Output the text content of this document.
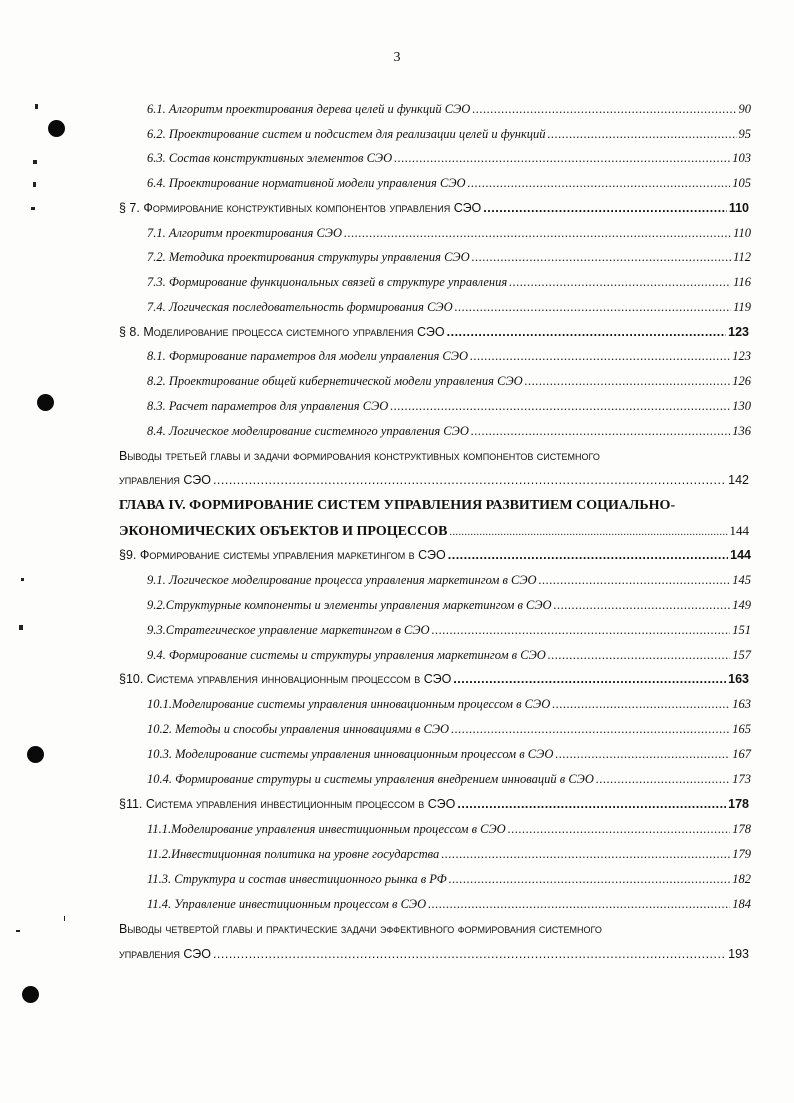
3
6.1. Алгоритм проектирования дерева целей и функций СЭО .....	90
6.2. Проектирование систем и подсистем для реализации целей и функций .....	95
6.3. Состав конструктивных элементов СЭО .....	103
6.4. Проектирование нормативной модели управления СЭО .....	105
§ 7. Формирование конструктивных компонентов управления СЭО .....	110
7.1. Алгоритм проектирования СЭО .....	110
7.2. Методика проектирования структуры управления СЭО .....	112
7.3. Формирование функциональных связей в структуре управления .....	116
7.4. Логическая последовательность формирования СЭО .....	119
§ 8. Моделирование процесса системного управления СЭО .....	123
8.1. Формирование параметров для модели управления СЭО .....	123
8.2. Проектирование общей кибернетической модели управления СЭО .....	126
8.3. Расчет параметров для управления СЭО .....	130
8.4. Логическое моделирование системного управления СЭО .....	136
Выводы третьей главы и задачи формирования конструктивных компонентов системного
управления СЭО .....	142
ГЛАВА IV. ФОРМИРОВАНИЕ СИСТЕМ УПРАВЛЕНИЯ РАЗВИТИЕМ СОЦИАЛЬНО-
ЭКОНОМИЧЕСКИХ ОБЪЕКТОВ И ПРОЦЕССОВ .....	144
§9. Формирование системы управления маркетингом в СЭО .....	144
9.1. Логическое моделирование процесса управления маркетингом в СЭО .....	145
9.2.Структурные компоненты и элементы управления маркетингом в СЭО .....	149
9.3.Стратегическое управление маркетингом в СЭО .....	151
9.4. Формирование системы и структуры управления маркетингом в СЭО .....	157
§10. Система управления инновационным процессом в СЭО .....	163
10.1.Моделирование системы управления инновационным процессом в СЭО .....	163
10.2. Методы и способы управления инновациями в СЭО .....	165
10.3. Моделирование системы управления инновационным процессом в СЭО .....	167
10.4. Формирование струтуры и системы управления внедрением инноваций в СЭО .....	173
§11. Система управления инвестиционным процессом в СЭО .....	178
11.1.Моделирование управления инвестиционным процессом в СЭО .....	178
11.2.Инвестиционная политика на уровне государства .....	179
11.3. Структура и состав инвестиционного рынка в РФ .....	182
11.4. Управление инвестиционным процессом в СЭО .....	184
Выводы четвертой главы и практические задачи эффективного формирования системного
управления СЭО .....	193
